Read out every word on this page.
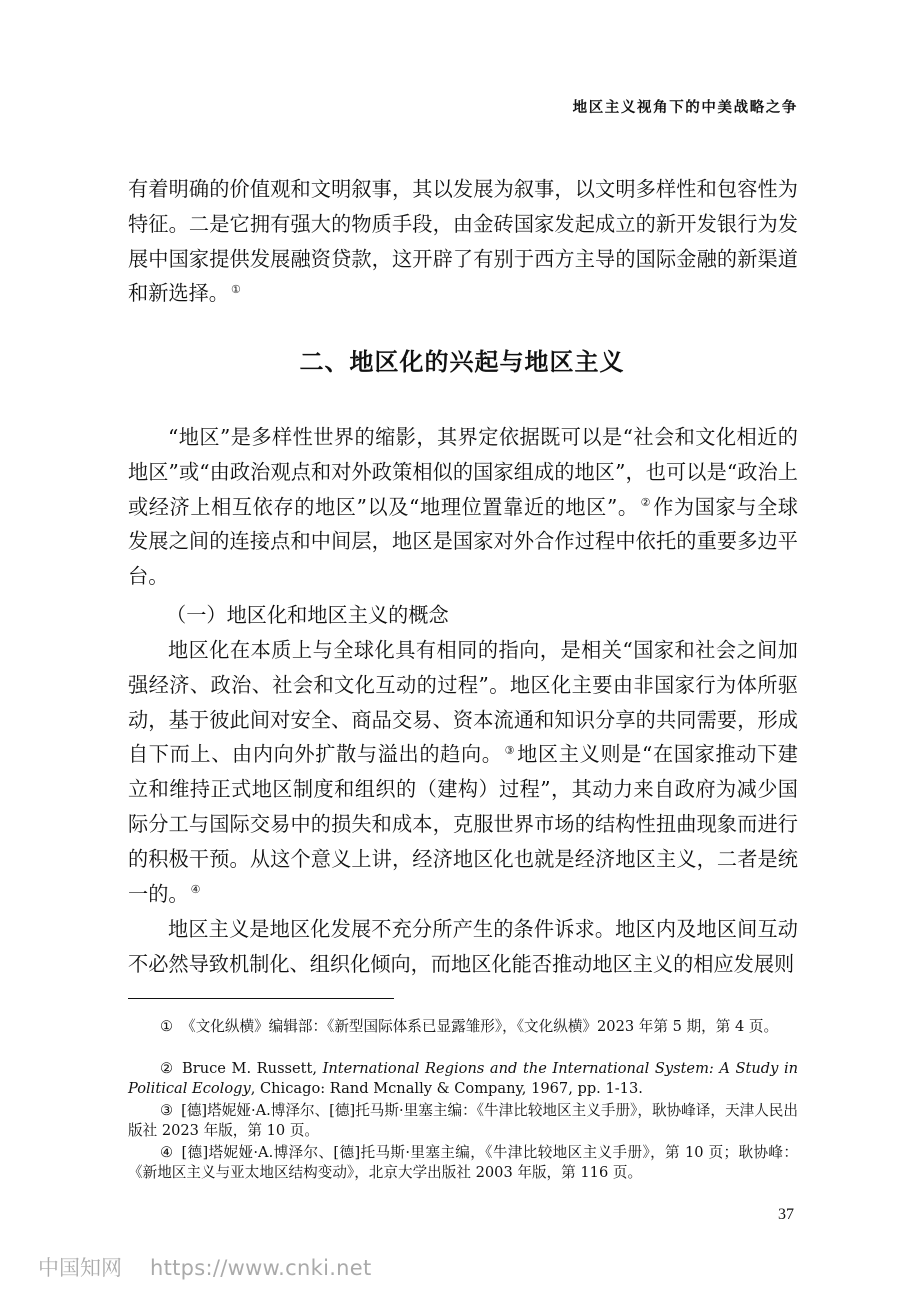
地区主义视角下的中美战略之争

有着明确的价值观和文明叙事，其以发展为叙事，以文明多样性和包容性为特征。二是它拥有强大的物质手段，由金砖国家发起成立的新开发银行为发展中国家提供发展融资贷款，这开辟了有别于西方主导的国际金融的新渠道和新选择。 ①

二、地区化的兴起与地区主义

“地区”是多样性世界的缩影，其界定依据既可以是“社会和文化相近的地区”或“由政治观点和对外政策相似的国家组成的地区”，也可以是“政治上或经济上相互依存的地区”以及“地理位置靠近的地区”。 ②作为国家与全球发展之间的连接点和中间层，地区是国家对外合作过程中依托的重要多边平台。

（一）地区化和地区主义的概念

地区化在本质上与全球化具有相同的指向，是相关“国家和社会之间加强经济、政治、社会和文化互动的过程”。地区化主要由非国家行为体所驱动，基于彼此间对安全、商品交易、资本流通和知识分享的共同需要，形成自下而上、由内向外扩散与溢出的趋向。 ③地区主义则是“在国家推动下建立和维持正式地区制度和组织的（建构）过程”，其动力来自政府为减少国际分工与国际交易中的损失和成本，克服世界市场的结构性扭曲现象而进行的积极干预。从这个意义上讲，经济地区化也就是经济地区主义，二者是统一的。 ④

地区主义是地区化发展不充分所产生的条件诉求。地区内及地区间互动不必然导致机制化、组织化倾向，而地区化能否推动地区主义的相应发展则

① 《文化纵横》编辑部：《新型国际体系已显露雏形》，《文化纵横》2023 年第 5 期，第 4 页。

② Bruce M. Russett, International Regions and the International System: A Study in Political Ecology, Chicago: Rand Mcnally & Company, 1967, pp. 1-13.

③ [德]塔妮娅·A.博泽尔、[德]托马斯·里塞主编：《牛津比较地区主义手册》，耿协峰译，天津人民出版社 2023 年版，第 10 页。

④ [德]塔妮娅·A.博泽尔、[德]托马斯·里塞主编，《牛津比较地区主义手册》，第 10 页；耿协峰：《新地区主义与亚太地区结构变动》，北京大学出版社 2003 年版，第 116 页。

37
中国知网 https://www.cnki.net
